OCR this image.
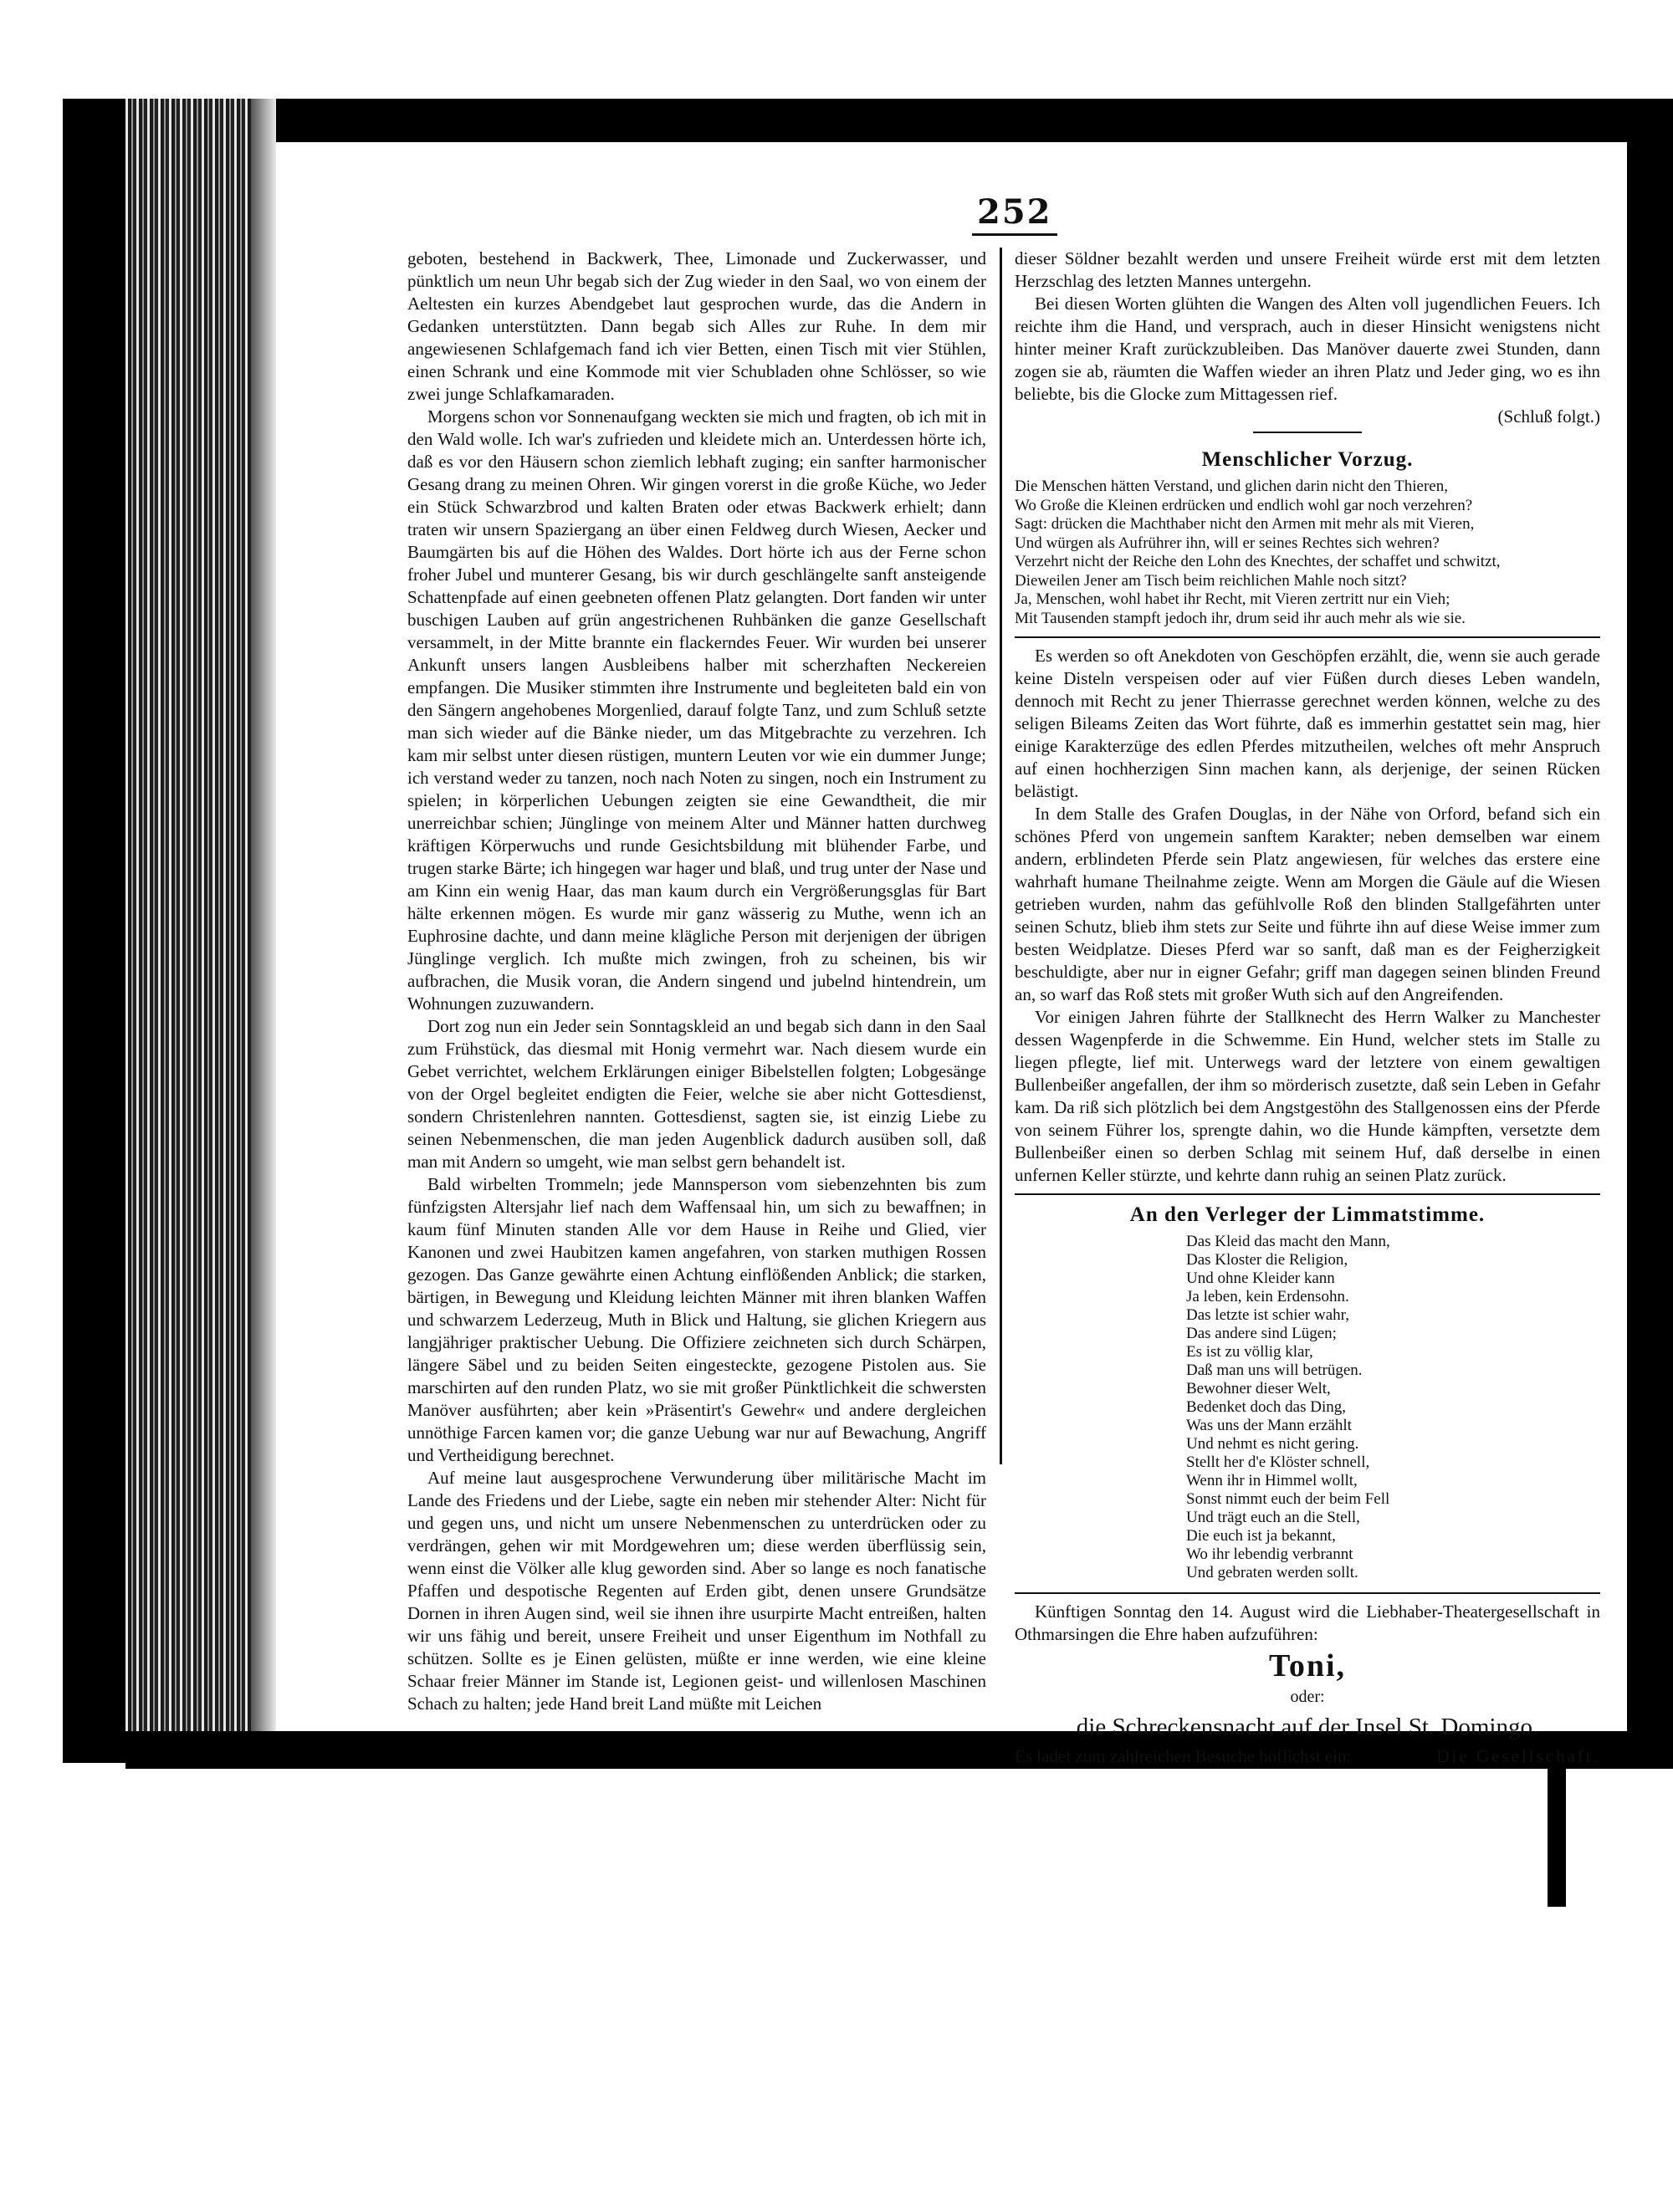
252

geboten, bestehend in Backwerk, Thee, Limonade und Zuckerwasser, und pünktlich um neun Uhr begab sich der Zug wieder in den Saal, wo von einem der Aeltesten ein kurzes Abendgebet laut gesprochen wurde, das die Andern in Gedanken unterstützten. Dann begab sich Alles zur Ruhe. In dem mir angewiesenen Schlafgemach fand ich vier Betten, einen Tisch mit vier Stühlen, einen Schrank und eine Kommode mit vier Schubladen ohne Schlösser, so wie zwei junge Schlafkamaraden.

Morgens schon vor Sonnenaufgang weckten sie mich und fragten, ob ich mit in den Wald wolle. Ich war's zufrieden und kleidete mich an. Unterdessen hörte ich, daß es vor den Häusern schon ziemlich lebhaft zuging; ein sanfter harmonischer Gesang drang zu meinen Ohren. Wir gingen vorerst in die große Küche, wo Jeder ein Stück Schwarzbrod und kalten Braten oder etwas Backwerk erhielt; dann traten wir unsern Spaziergang an über einen Feldweg durch Wiesen, Aecker und Baumgärten bis auf die Höhen des Waldes. Dort hörte ich aus der Ferne schon froher Jubel und munterer Gesang, bis wir durch geschlängelte sanft ansteigende Schattenpfade auf einen geebneten offenen Platz gelangten. Dort fanden wir unter buschigen Lauben auf grün angestrichenen Ruhbänken die ganze Gesellschaft versammelt, in der Mitte brannte ein flackerndes Feuer. Wir wurden bei unserer Ankunft unsers langen Ausbleibens halber mit scherzhaften Neckereien empfangen. Die Musiker stimmten ihre Instrumente und begleiteten bald ein von den Sängern angehobenes Morgenlied, darauf folgte Tanz, und zum Schluß setzte man sich wieder auf die Bänke nieder, um das Mitgebrachte zu verzehren. Ich kam mir selbst unter diesen rüstigen, muntern Leuten vor wie ein dummer Junge; ich verstand weder zu tanzen, noch nach Noten zu singen, noch ein Instrument zu spielen; in körperlichen Uebungen zeigten sie eine Gewandtheit, die mir unerreichbar schien; Jünglinge von meinem Alter und Männer hatten durchweg kräftigen Körperwuchs und runde Gesichtsbildung mit blühender Farbe, und trugen starke Bärte; ich hingegen war hager und blaß, und trug unter der Nase und am Kinn ein wenig Haar, das man kaum durch ein Vergrößerungsglas für Bart hälte erkennen mögen. Es wurde mir ganz wässerig zu Muthe, wenn ich an Euphrosine dachte, und dann meine klägliche Person mit derjenigen der übrigen Jünglinge verglich. Ich mußte mich zwingen, froh zu scheinen, bis wir aufbrachen, die Musik voran, die Andern singend und jubelnd hintendrein, um Wohnungen zuzuwandern.

Dort zog nun ein Jeder sein Sonntagskleid an und begab sich dann in den Saal zum Frühstück, das diesmal mit Honig vermehrt war. Nach diesem wurde ein Gebet verrichtet, welchem Erklärungen einiger Bibelstellen folgten; Lobgesänge von der Orgel begleitet endigten die Feier, welche sie aber nicht Gottesdienst, sondern Christenlehren nannten. Gottesdienst, sagten sie, ist einzig Liebe zu seinen Nebenmenschen, die man jeden Augenblick dadurch ausüben soll, daß man mit Andern so umgeht, wie man selbst gern behandelt ist.

Bald wirbelten Trommeln; jede Mannsperson vom siebenzehnten bis zum fünfzigsten Altersjahr lief nach dem Waffensaal hin, um sich zu bewaffnen; in kaum fünf Minuten standen Alle vor dem Hause in Reihe und Glied, vier Kanonen und zwei Haubitzen kamen angefahren, von starken muthigen Rossen gezogen. Das Ganze gewährte einen Achtung einflößenden Anblick; die starken, bärtigen, in Bewegung und Kleidung leichten Männer mit ihren blanken Waffen und schwarzem Lederzeug, Muth in Blick und Haltung, sie glichen Kriegern aus langjähriger praktischer Uebung. Die Offiziere zeichneten sich durch Schärpen, längere Säbel und zu beiden Seiten eingesteckte, gezogene Pistolen aus. Sie marschirten auf den runden Platz, wo sie mit großer Pünktlichkeit die schwersten Manöver ausführten; aber kein »Präsentirt's Gewehr« und andere dergleichen unnöthige Farcen kamen vor; die ganze Uebung war nur auf Bewachung, Angriff und Vertheidigung berechnet.

Auf meine laut ausgesprochene Verwunderung über militärische Macht im Lande des Friedens und der Liebe, sagte ein neben mir stehender Alter: Nicht für und gegen uns, und nicht um unsere Nebenmenschen zu unterdrücken oder zu verdrängen, gehen wir mit Mordgewehren um; diese werden überflüssig sein, wenn einst die Völker alle klug geworden sind. Aber so lange es noch fanatische Pfaffen und despotische Regenten auf Erden gibt, denen unsere Grundsätze Dornen in ihren Augen sind, weil sie ihnen ihre usurpirte Macht entreißen, halten wir uns fähig und bereit, unsere Freiheit und unser Eigenthum im Nothfall zu schützen. Sollte es je Einen gelüsten, müßte er inne werden, wie eine kleine Schaar freier Männer im Stande ist, Legionen geist- und willenlosen Maschinen Schach zu halten; jede Hand breit Land müßte mit Leichen

dieser Söldner bezahlt werden und unsere Freiheit würde erst mit dem letzten Herzschlag des letzten Mannes untergehn.

Bei diesen Worten glühten die Wangen des Alten voll jugendlichen Feuers. Ich reichte ihm die Hand, und versprach, auch in dieser Hinsicht wenigstens nicht hinter meiner Kraft zurückzubleiben. Das Manöver dauerte zwei Stunden, dann zogen sie ab, räumten die Waffen wieder an ihren Platz und Jeder ging, wo es ihn beliebte, bis die Glocke zum Mittagessen rief.

(Schluß folgt.)
Menschlicher Vorzug.
Die Menschen hätten Verstand, und glichen darin nicht den Thieren,
Wo Große die Kleinen erdrücken und endlich wohl gar noch verzehren?
Sagt: drücken die Machthaber nicht den Armen mit mehr als mit Vieren,
Und würgen als Aufrührer ihn, will er seines Rechtes sich wehren?
Verzehrt nicht der Reiche den Lohn des Knechtes, der schaffet und schwitzt,
Dieweilen Jener am Tisch beim reichlichen Mahle noch sitzt?
Ja, Menschen, wohl habet ihr Recht, mit Vieren zertritt nur ein Vieh;
Mit Tausenden stampft jedoch ihr, drum seid ihr auch mehr als wie sie.

Es werden so oft Anekdoten von Geschöpfen erzählt, die, wenn sie auch gerade keine Disteln verspeisen oder auf vier Füßen durch dieses Leben wandeln, dennoch mit Recht zu jener Thierrasse gerechnet werden können, welche zu des seligen Bileams Zeiten das Wort führte, daß es immerhin gestattet sein mag, hier einige Karakterzüge des edlen Pferdes mitzutheilen, welches oft mehr Anspruch auf einen hochherzigen Sinn machen kann, als derjenige, der seinen Rücken belästigt.

In dem Stalle des Grafen Douglas, in der Nähe von Orford, befand sich ein schönes Pferd von ungemein sanftem Karakter; neben demselben war einem andern, erblindeten Pferde sein Platz angewiesen, für welches das erstere eine wahrhaft humane Theilnahme zeigte. Wenn am Morgen die Gäule auf die Wiesen getrieben wurden, nahm das gefühlvolle Roß den blinden Stallgefährten unter seinen Schutz, blieb ihm stets zur Seite und führte ihn auf diese Weise immer zum besten Weidplatze. Dieses Pferd war so sanft, daß man es der Feigherzigkeit beschuldigte, aber nur in eigner Gefahr; griff man dagegen seinen blinden Freund an, so warf das Roß stets mit großer Wuth sich auf den Angreifenden.

Vor einigen Jahren führte der Stallknecht des Herrn Walker zu Manchester dessen Wagenpferde in die Schwemme. Ein Hund, welcher stets im Stalle zu liegen pflegte, lief mit. Unterwegs ward der letztere von einem gewaltigen Bullenbeißer angefallen, der ihm so mörderisch zusetzte, daß sein Leben in Gefahr kam. Da riß sich plötzlich bei dem Angstgestöhn des Stallgenossen eins der Pferde von seinem Führer los, sprengte dahin, wo die Hunde kämpften, versetzte dem Bullenbeißer einen so derben Schlag mit seinem Huf, daß derselbe in einen unfernen Keller stürzte, und kehrte dann ruhig an seinen Platz zurück.

An den Verleger der Limmatstimme.
Das Kleid das macht den Mann,
Das Kloster die Religion,
Und ohne Kleider kann
Ja leben, kein Erdensohn.
Das letzte ist schier wahr,
Das andere sind Lügen;
Es ist zu völlig klar,
Daß man uns will betrügen.
Bewohner dieser Welt,
Bedenket doch das Ding,
Was uns der Mann erzählt
Und nehmt es nicht gering.
Stellt her d'e Klöster schnell,
Wenn ihr in Himmel wollt,
Sonst nimmt euch der beim Fell
Und trägt euch an die Stell,
Die euch ist ja bekannt,
Wo ihr lebendig verbrannt
Und gebraten werden sollt.

Künftigen Sonntag den 14. August wird die Liebhaber-Theatergesellschaft in Othmarsingen die Ehre haben aufzuführen:

Toni,
oder:
die Schreckensnacht auf der Insel St. Domingo.
Es ladet zum zahlreichen Besuche höflichst ein:	Die Gesellschaft.
